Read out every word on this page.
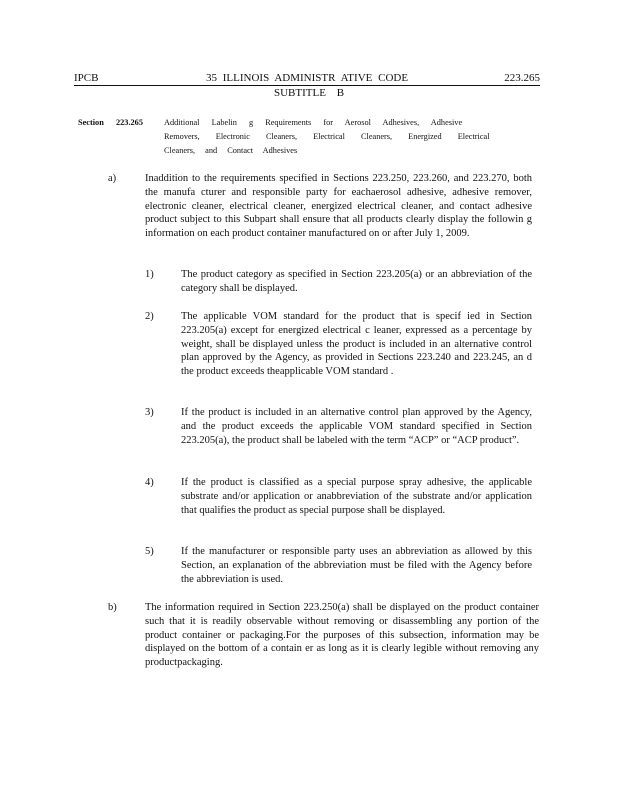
IPCB	35 ILLINOIS ADMINISTR ATIVE CODE	223.265
SUBTITLE B
Section 223.265	Additional Labelin g Requirements for Aerosol Adhesives, Adhesive
Removers, Electronic Cleaners, Electrical Cleaners, Energized Electrical
Cleaners, and Contact Adhesives
a)	Inaddition to the requirements specified in Sections 223.250, 223.260, and 223.270, both the manufa cturer and responsible party for eachaerosol adhesive, adhesive remover, electronic cleaner, electrical cleaner, energized electrical cleaner, and contact adhesive product subject to this Subpart shall ensure that all products clearly display the followin g information on each product container manufactured on or after July 1, 2009.
1)	The product category as specified in Section 223.205(a) or an abbreviation of the category shall be displayed.
2)	The applicable VOM standard for the product that is specif ied in Section 223.205(a) except for energized electrical c leaner, expressed as a percentage by weight, shall be displayed unless the product is included in an alternative control plan approved by the Agency, as provided in Sections 223.240 and 223.245, an d the product exceeds theapplicable VOM standard .
3)	If the product is included in an alternative control plan approved by the Agency, and the product exceeds the applicable VOM standard specified in Section 223.205(a), the product shall be labeled with the term “ACP” or “ACP product”.
4)	If the product is classified as a special purpose spray adhesive, the applicable substrate and/or application or anabbreviation of the substrate and/or application that qualifies the product as special purpose shall be displayed.
5)	If the manufacturer or responsible party uses an abbreviation as allowed by this Section, an explanation of the abbreviation must be filed with the Agency before the abbreviation is used.
b)	The information required in Section 223.250(a) shall be displayed on the product container such that it is readily observable without removing or disassembling any portion of the product container or packaging.For the purposes of this subsection, information may be displayed on the bottom of a contain er as long as it is clearly legible without removing any productpackaging.
